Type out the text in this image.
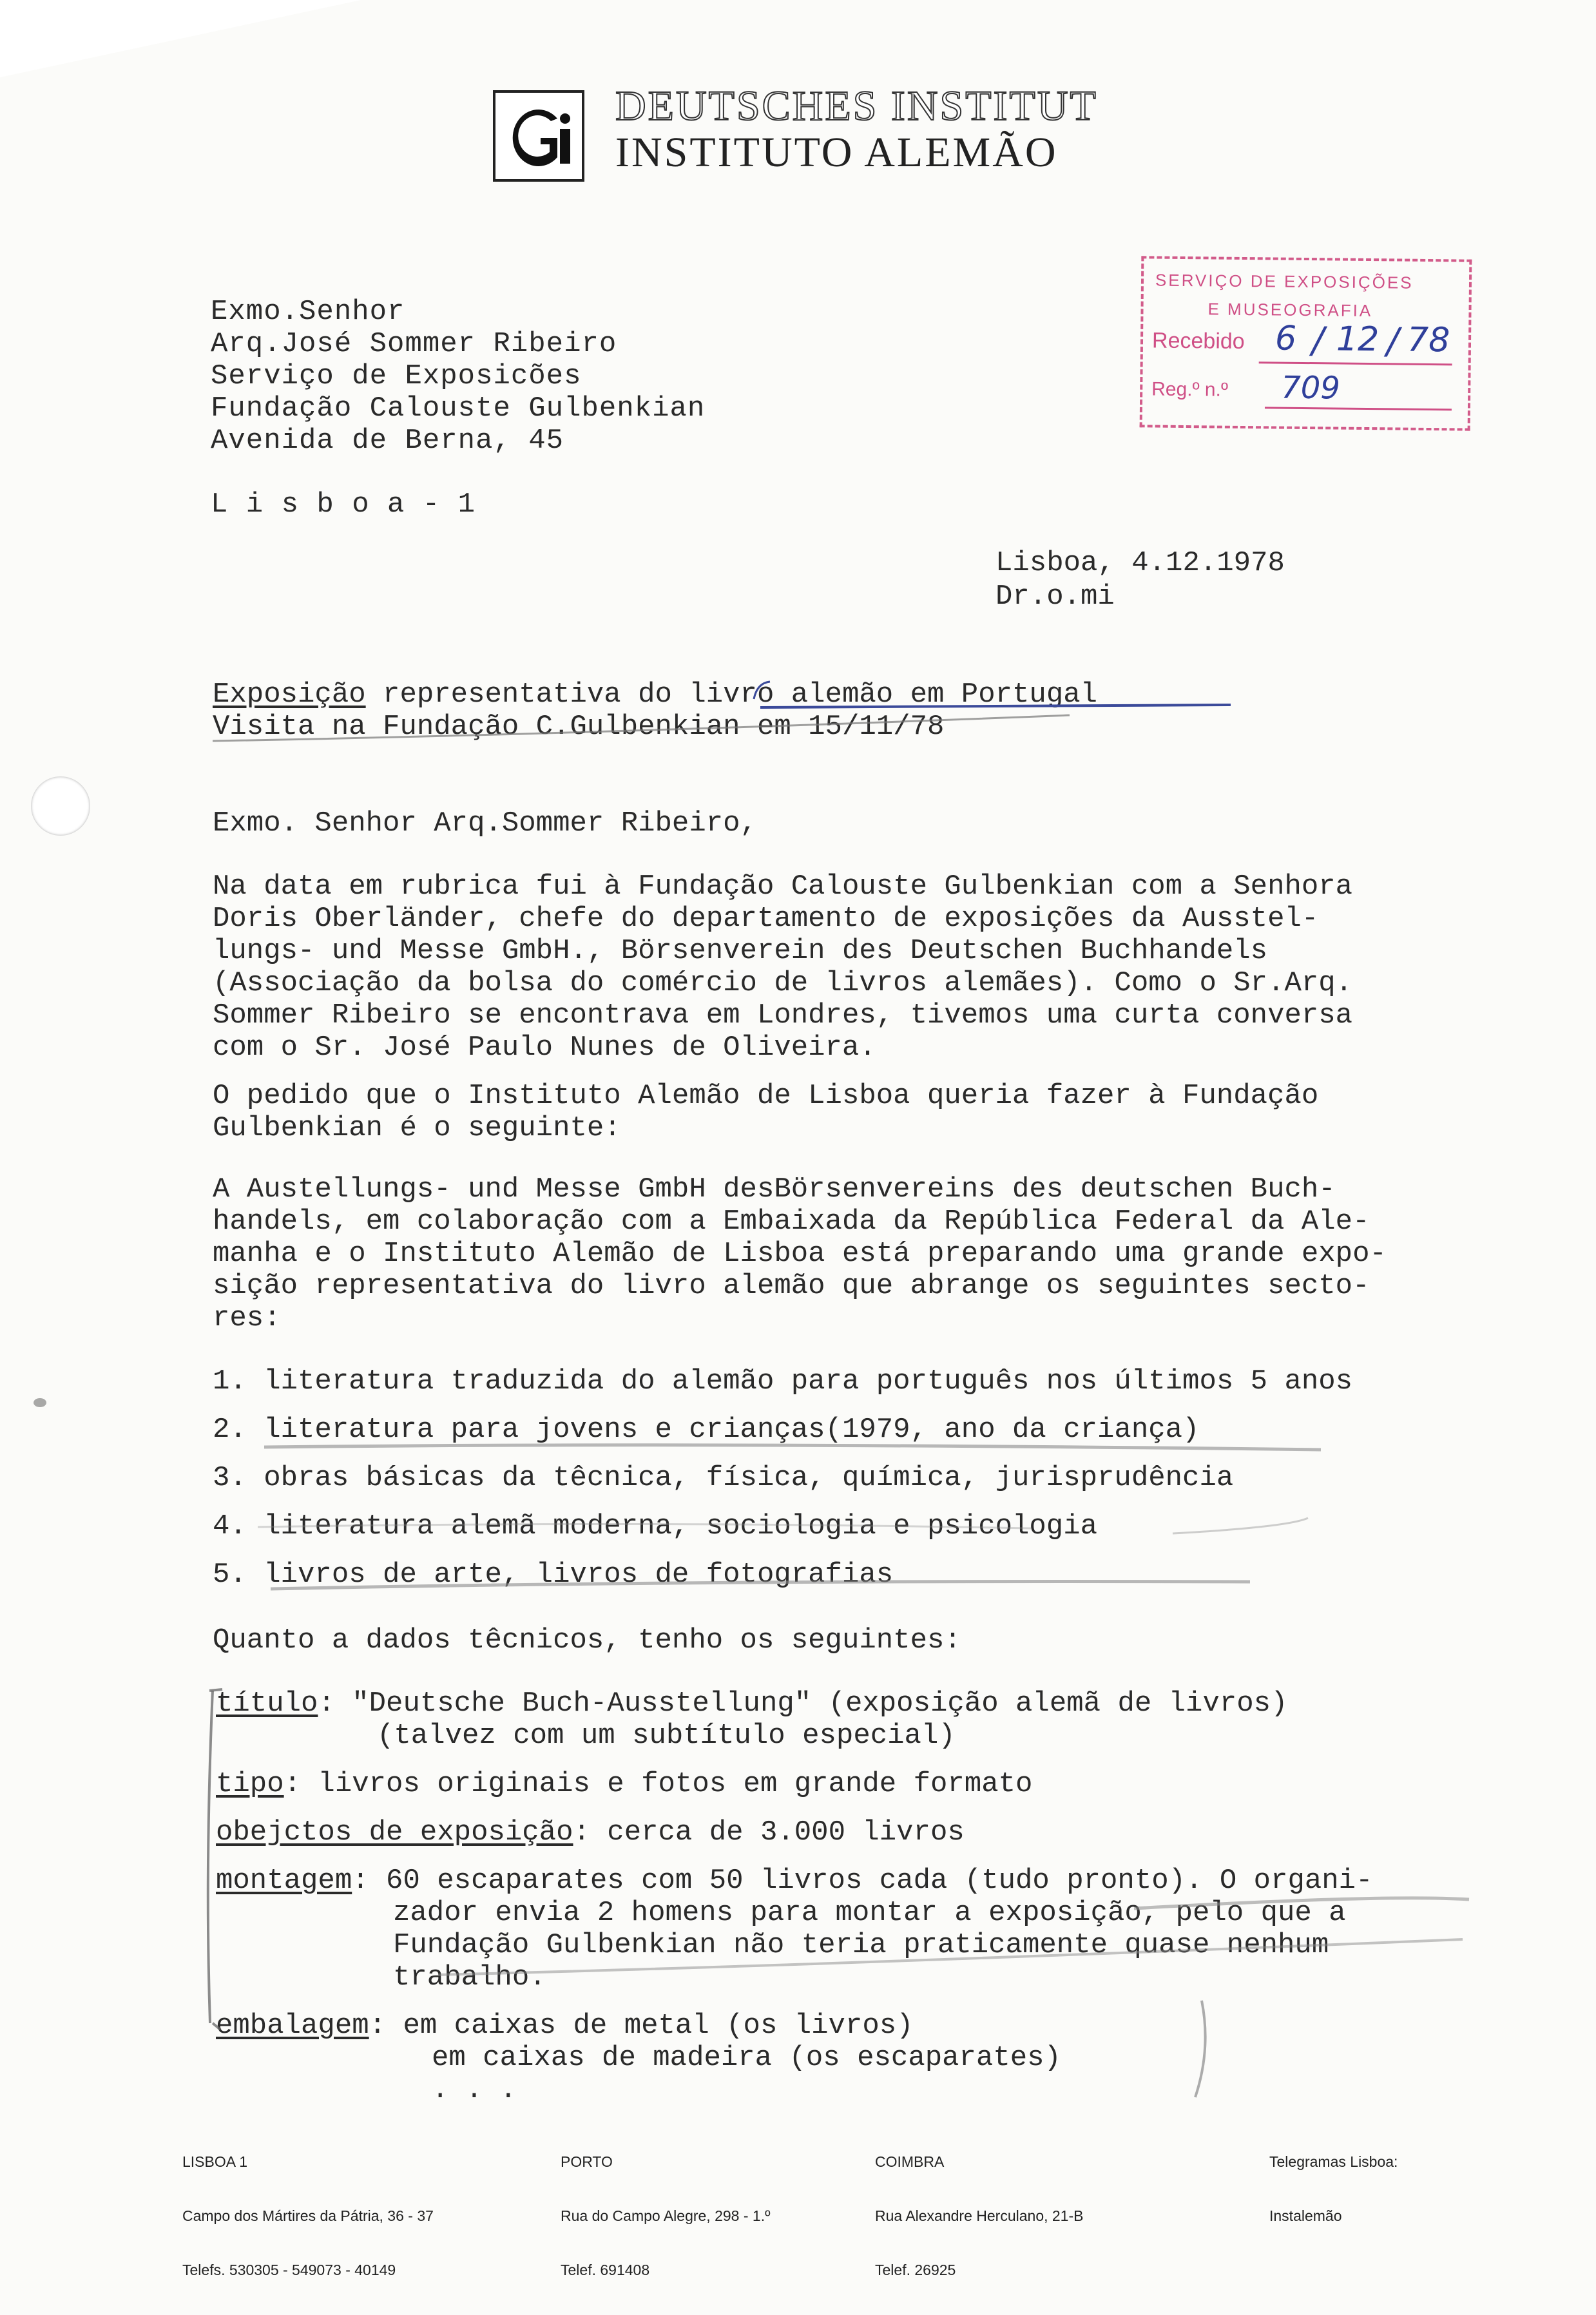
DEUTSCHES INSTITUT
INSTITUTO ALEMÃO
SERVIÇO DE EXPOSIÇÕES
E MUSEOGRAFIA
Recebido 6 / 12 / 78
Reg.º n.º 709
Exmo.Senhor
Arq.José Sommer Ribeiro
Serviço de Exposicões
Fundação Calouste Gulbenkian
Avenida de Berna, 45
L i s b o a - 1
Lisboa, 4.12.1978
Dr.o.mi
Exposição representativa do livro alemão em Portugal
Visita na Fundação C.Gulbenkian em 15/11/78
Exmo. Senhor Arq.Sommer Ribeiro,
Na data em rubrica fui à Fundação Calouste Gulbenkian com a Senhora
Doris Oberländer, chefe do departamento de exposições da Ausstel-
lungs- und Messe GmbH., Börsenverein des Deutschen Buchhandels
(Associação da bolsa do comércio de livros alemães). Como o Sr.Arq.
Sommer Ribeiro se encontrava em Londres, tivemos uma curta conversa
com o Sr. José Paulo Nunes de Oliveira.
O pedido que o Instituto Alemão de Lisboa queria fazer à Fundação
Gulbenkian é o seguinte:
A Austellungs- und Messe GmbH desBörsenvereins des deutschen Buch-
handels, em colaboração com a Embaixada da República Federal da Ale-
manha e o Instituto Alemão de Lisboa está preparando uma grande expo-
sição representativa do livro alemão que abrange os seguintes secto-
res:
1. literatura traduzida do alemão para português nos últimos 5 anos
2. literatura para jovens e crianças(1979, ano da criança)
3. obras básicas da têcnica, física, química, jurisprudência
4. literatura alemã moderna, sociologia e psicologia
5. livros de arte, livros de fotografias
Quanto a dados têcnicos, tenho os seguintes:
título: "Deutsche Buch-Ausstellung" (exposição alemã de livros)
(talvez com um subtítulo especial)
tipo: livros originais e fotos em grande formato
obejctos de exposição: cerca de 3.000 livros
montagem: 60 escaparates com 50 livros cada (tudo pronto). O organi-
zador envia 2 homens para montar a exposição, pelo que a
Fundação Gulbenkian não teria praticamente quase nenhum
trabalho.
embalagem: em caixas de metal (os livros)
em caixas de madeira (os escaparates)
. . .

LISBOA 1

Campo dos Mártires da Pátria, 36 - 37

Telefs. 530305 - 549073 - 40149

PORTO

Rua do Campo Alegre, 298 - 1.º

Telef. 691408

COIMBRA

Rua Alexandre Herculano, 21-B

Telef. 26925

Telegramas Lisboa:

Instalemão
